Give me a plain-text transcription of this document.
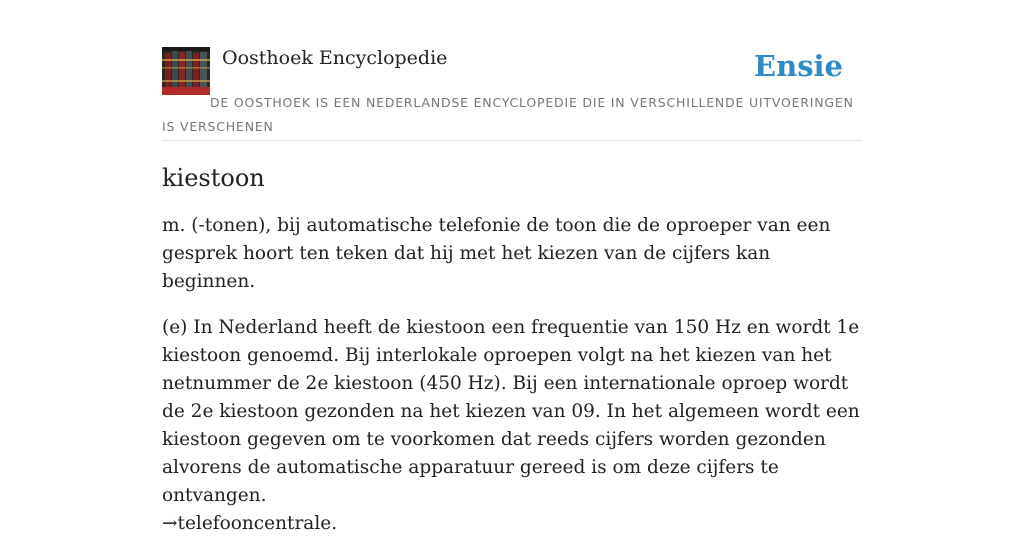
Oosthoek Encyclopedie	Ensie
DE OOSTHOEK IS EEN NEDERLANDSE ENCYCLOPEDIE DIE IN VERSCHILLENDE UITVOERINGEN IS VERSCHENEN
kiestoon

m. (-tonen), bij automatische telefonie de toon die de oproeper van een gesprek hoort ten teken dat hij met het kiezen van de cijfers kan beginnen.

(e) In Nederland heeft de kiestoon een frequentie van 150 Hz en wordt 1e kiestoon genoemd. Bij interlokale oproepen volgt na het kiezen van het netnummer de 2e kiestoon (450 Hz). Bij een internationale oproep wordt de 2e kiestoon gezonden na het kiezen van 09. In het algemeen wordt een kiestoon gegeven om te voorkomen dat reeds cijfers worden gezonden alvorens de automatische apparatuur gereed is om deze cijfers te ontvangen.
→telefooncentrale.
